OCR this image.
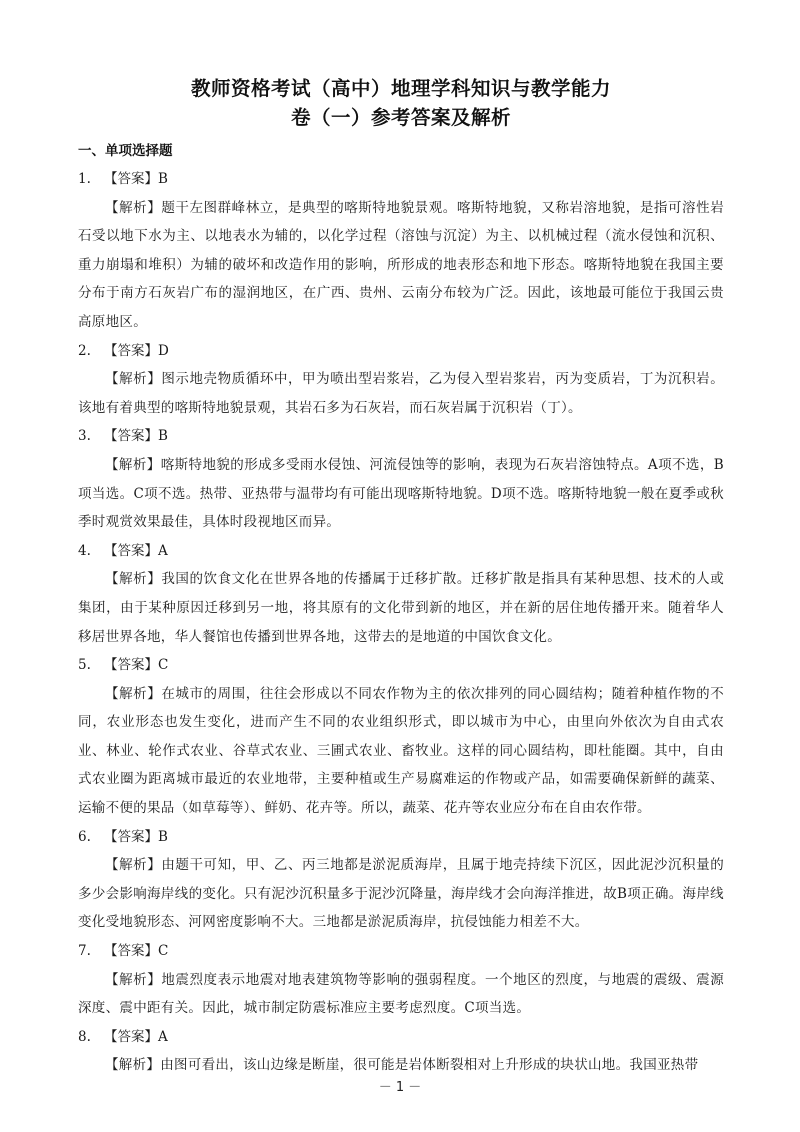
教师资格考试（高中）地理学科知识与教学能力
卷（一）参考答案及解析
一、单项选择题
1. 【答案】B

【解析】题干左图群峰林立，是典型的喀斯特地貌景观。喀斯特地貌，又称岩溶地貌，是指可溶性岩石受以地下水为主、以地表水为辅的，以化学过程（溶蚀与沉淀）为主、以机械过程（流水侵蚀和沉积、重力崩塌和堆积）为辅的破坏和改造作用的影响，所形成的地表形态和地下形态。喀斯特地貌在我国主要分布于南方石灰岩广布的湿润地区，在广西、贵州、云南分布较为广泛。因此，该地最可能位于我国云贵高原地区。

2. 【答案】D

【解析】图示地壳物质循环中，甲为喷出型岩浆岩，乙为侵入型岩浆岩，丙为变质岩，丁为沉积岩。该地有着典型的喀斯特地貌景观，其岩石多为石灰岩，而石灰岩属于沉积岩（丁）。

3. 【答案】B

【解析】喀斯特地貌的形成多受雨水侵蚀、河流侵蚀等的影响，表现为石灰岩溶蚀特点。A项不选，B项当选。C项不选。热带、亚热带与温带均有可能出现喀斯特地貌。D项不选。喀斯特地貌一般在夏季或秋季时观赏效果最佳，具体时段视地区而异。

4. 【答案】A

【解析】我国的饮食文化在世界各地的传播属于迁移扩散。迁移扩散是指具有某种思想、技术的人或集团，由于某种原因迁移到另一地，将其原有的文化带到新的地区，并在新的居住地传播开来。随着华人移居世界各地，华人餐馆也传播到世界各地，这带去的是地道的中国饮食文化。

5. 【答案】C

【解析】在城市的周围，往往会形成以不同农作物为主的依次排列的同心圆结构；随着种植作物的不同，农业形态也发生变化，进而产生不同的农业组织形式，即以城市为中心，由里向外依次为自由式农业、林业、轮作式农业、谷草式农业、三圃式农业、畜牧业。这样的同心圆结构，即杜能圈。其中，自由式农业圈为距离城市最近的农业地带，主要种植或生产易腐难运的作物或产品，如需要确保新鲜的蔬菜、运输不便的果品（如草莓等）、鲜奶、花卉等。所以，蔬菜、花卉等农业应分布在自由农作带。

6. 【答案】B

【解析】由题干可知，甲、乙、丙三地都是淤泥质海岸，且属于地壳持续下沉区，因此泥沙沉积量的多少会影响海岸线的变化。只有泥沙沉积量多于泥沙沉降量，海岸线才会向海洋推进，故B项正确。海岸线变化受地貌形态、河网密度影响不大。三地都是淤泥质海岸，抗侵蚀能力相差不大。

7. 【答案】C

【解析】地震烈度表示地震对地表建筑物等影响的强弱程度。一个地区的烈度，与地震的震级、震源深度、震中距有关。因此，城市制定防震标准应主要考虑烈度。C项当选。

8. 【答案】A

【解析】由图可看出，该山边缘是断崖，很可能是岩体断裂相对上升形成的块状山地。我国亚热带

－ 1 －
